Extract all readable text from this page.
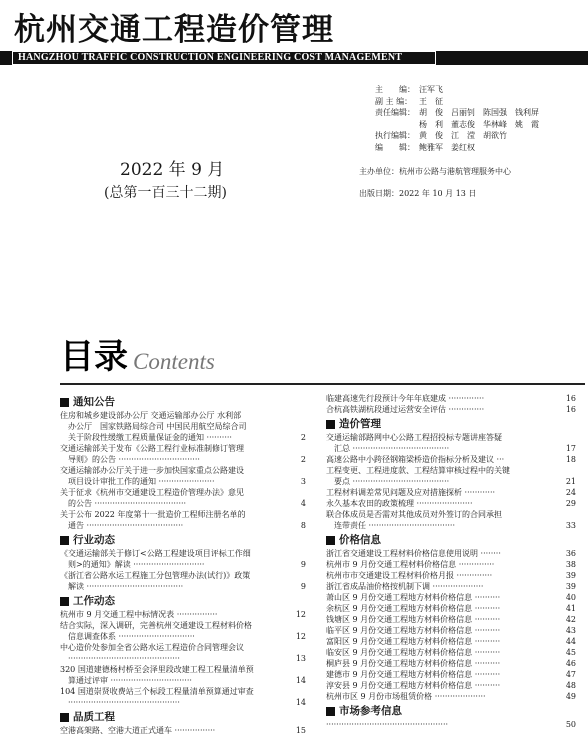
杭州交通工程造价管理
HANGZHOU TRAFFIC CONSTRUCTION ENGINEERING COST MANAGEMENT
2022 年 9 月
(总第一百三十二期)
主　　编： 汪军飞
副 主 编： 王　征
责任编辑： 胡　俊　吕丽钊　陈国强　钱利屏
杨　利　董志俊　华林峰　姚　霞
执行编辑： 黄　俊　江　滢　胡欲竹
编　　辑： 鲍雅军　姜红权
主办单位：杭州市公路与港航管理服务中心
出版日期：2022 年 10 月 13 日
目录 Contents
通知公告
住房和城乡建设部办公厅 交通运输部办公厅 水利部
办公厅　国家铁路局综合司 中国民用航空局综合司
关于阶段性缓缴工程质量保证金的通知 ··········	2
交通运输部关于发布《公路工程行业标准制修订管理
导则》的公告 ································	2
交通运输部办公厅关于进一步加快国家重点公路建设
项目设计审批工作的通知 ······················	3
关于征求《杭州市交通建设工程造价管理办法》意见
的公告 ····································	4
关于公布 2022 年度第十一批造价工程师注册名单的
通告 ······································	8
行业动态
《交通运输部关于修订<公路工程建设项目评标工作细
则>的通知》解读 ····························	9
《浙江省公路水运工程施工分包管理办法(试行)》政策
解读 ······································	9
工作动态
杭州市 9 月交通工程中标情况表 ················	12
结合实际，深入调研，完善杭州交通建设工程材料价格
信息调查体系 ······························	12
中心造价处参加全省公路水运工程造价合同管理会议
············································	13
320 国道建德杨村桥至会泽里段改建工程工程量清单预
算通过评审 ································	14
104 国道崇贤收费站三个标段工程量清单预算通过审查
············································	14
品质工程
空港高架路、空港大道正式通车 ················	15
临建高速先行段预计今年年底建成 ··············	16
合杭高铁湖杭段通过运营安全评估 ··············	16
造价管理
交通运输部路网中心公路工程招投标专题讲座答疑
汇总 ······································	17
高速公路中小跨径钢箱梁桥造价指标分析及建议 ···	18
工程变更、工程进度款、工程结算审核过程中的关键
要点 ······································	21
工程材料调差常见问题及应对措施探析 ············	24
永久基本农田的政策梳理 ······················	29
联合体成员是否需对其他成员对外签订的合同承担
连带责任 ··································	33
价格信息
浙江省交通建设工程材料价格信息使用说明 ········	36
杭州市 9 月份交通工程材料价格信息 ··············	38
杭州市市交通建设工程材料价格月报 ··············	39
浙江省成品油价格按机制下调 ····················	39
萧山区 9 月份交通工程地方材料价格信息 ··········	40
余杭区 9 月份交通工程地方材料价格信息 ··········	41
钱塘区 9 月份交通工程地方材料价格信息 ··········	42
临平区 9 月份交通工程地方材料价格信息 ··········	43
富阳区 9 月份交通工程地方材料价格信息 ··········	44
临安区 9 月份交通工程地方材料价格信息 ··········	45
桐庐县 9 月份交通工程地方材料价格信息 ··········	46
建德市 9 月份交通工程地方材料价格信息 ··········	47
淳安县 9 月份交通工程地方材料价格信息 ··········	48
杭州市区 9 月份市场租赁价格 ····················	49
市场参考信息
················································	50
